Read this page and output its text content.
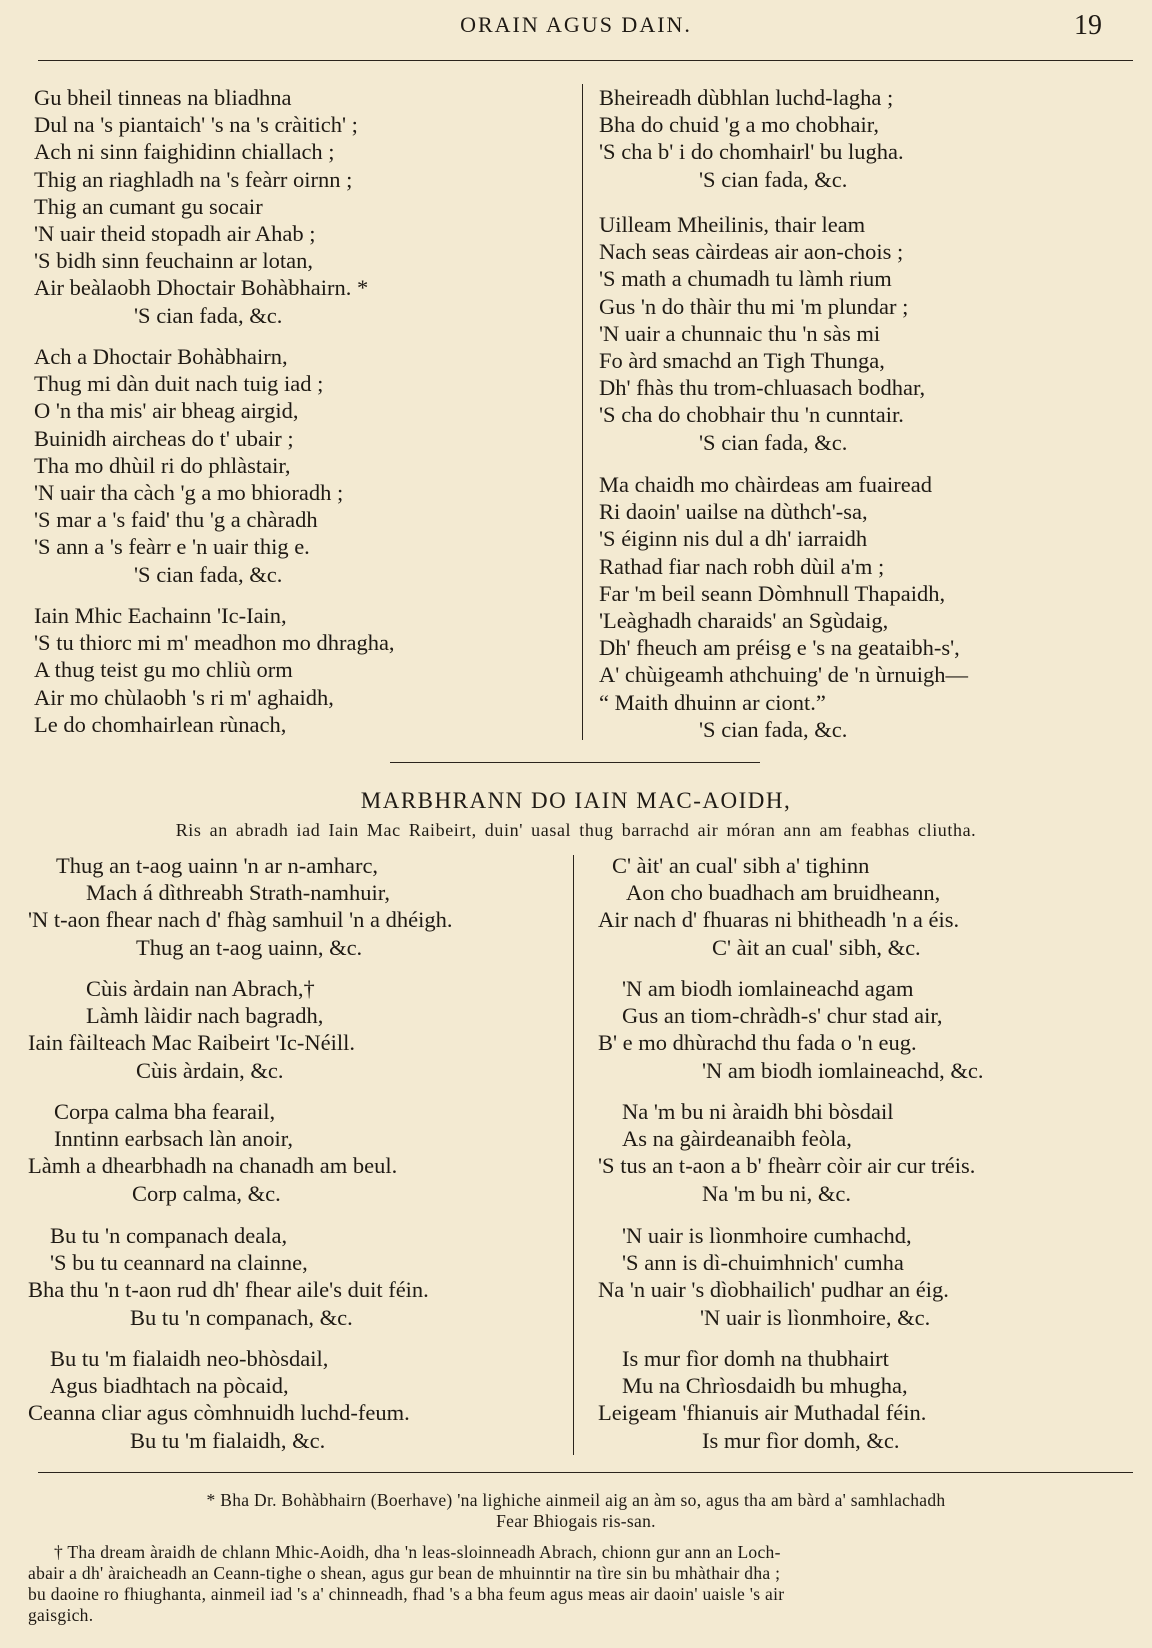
ORAIN AGUS DAIN.	19
Gu bheil tinneas na bliadhna
Dul na 's piantaich' 's na 's cràitich' ;
Ach ni sinn faighidinn chiallach ;
Thig an riaghladh na 's feàrr oirnn ;
Thig an cumant gu socair
'N uair theid stopadh air Ahab ;
'S bidh sinn feuchainn ar lotan,
Air beàlaobh Dhoctair Bohàbhairn. *
'S cian fada, &c.
Ach a Dhoctair Bohàbhairn,
Thug mi dàn duit nach tuig iad ;
O 'n tha mis' air bheag airgid,
Buinidh aircheas do t' ubair ;
Tha mo dhùil ri do phlàstair,
'N uair tha càch 'g a mo bhioradh ;
'S mar a 's faid' thu 'g a chàradh
'S ann a 's feàrr e 'n uair thig e.
'S cian fada, &c.
Iain Mhic Eachainn 'Ic-Iain,
'S tu thiorc mi m' meadhon mo dhragha,
A thug teist gu mo chliù orm
Air mo chùlaobh 's ri m' aghaidh,
Le do chomhairlean rùnach,
Bheireadh dùbhlan luchd-lagha ;
Bha do chuid 'g a mo chobhair,
'S cha b' i do chomhairl' bu lugha.
'S cian fada, &c.
Uilleam Mheilinis, thair leam
Nach seas càirdeas air aon-chois ;
'S math a chumadh tu làmh rium
Gus 'n do thàir thu mi 'm plundar ;
'N uair a chunnaic thu 'n sàs mi
Fo àrd smachd an Tigh Thunga,
Dh' fhàs thu trom-chluasach bodhar,
'S cha do chobhair thu 'n cunntair.
'S cian fada, &c.
Ma chaidh mo chàirdeas am fuairead
Ri daoin' uailse na dùthch'-sa,
'S éiginn nis dul a dh' iarraidh
Rathad fiar nach robh dùil a'm ;
Far 'm beil seann Dòmhnull Thapaidh,
'Leàghadh charaids' an Sgùdaig,
Dh' fheuch am préisg e 's na geataibh-s',
A' chùigeamh athchuing' de 'n ùrnuigh—
“ Maith dhuinn ar ciont.”
'S cian fada, &c.
MARBHRANN DO IAIN MAC-AOIDH,
Ris an abradh iad Iain Mac Raibeirt, duin' uasal thug barrachd air móran ann am feabhas cliutha.
Thug an t-aog uainn 'n ar n-amharc,
Mach á dìthreabh Strath-namhuir,
'N t-aon fhear nach d' fhàg samhuil 'n a dhéigh.
Thug an t-aog uainn, &c.
Cùis àrdain nan Abrach,†
Làmh làidir nach bagradh,
Iain fàilteach Mac Raibeirt 'Ic-Néill.
Cùis àrdain, &c.
Corpa calma bha fearail,
Inntinn earbsach làn anoir,
Làmh a dhearbhadh na chanadh am beul.
Corp calma, &c.
Bu tu 'n companach deala,
'S bu tu ceannard na clainne,
Bha thu 'n t-aon rud dh' fhear aile's duit féin.
Bu tu 'n companach, &c.
Bu tu 'm fialaidh neo-bhòsdail,
Agus biadhtach na pòcaid,
Ceanna cliar agus còmhnuidh luchd-feum.
Bu tu 'm fialaidh, &c.
C' àit' an cual' sibh a' tighinn
Aon cho buadhach am bruidheann,
Air nach d' fhuaras ni bhitheadh 'n a éis.
C' àit an cual' sibh, &c.
'N am biodh iomlaineachd agam
Gus an tiom-chràdh-s' chur stad air,
B' e mo dhùrachd thu fada o 'n eug.
'N am biodh iomlaineachd, &c.
Na 'm bu ni àraidh bhi bòsdail
As na gàirdeanaibh feòla,
'S tus an t-aon a b' fheàrr còir air cur tréis.
Na 'm bu ni, &c.
'N uair is lìonmhoire cumhachd,
'S ann is dì-chuimhnich' cumha
Na 'n uair 's dìobhailich' pudhar an éig.
'N uair is lìonmhoire, &c.
Is mur fìor domh na thubhairt
Mu na Chrìosdaidh bu mhugha,
Leigeam 'fhianuis air Muthadal féin.
Is mur fìor domh, &c.
* Bha Dr. Bohàbhairn (Boerhave) 'na lighiche ainmeil aig an àm so, agus tha am bàrd a' samhlachadh
Fear Bhiogais ris-san.
† Tha dream àraidh de chlann Mhic-Aoidh, dha 'n leas-sloinneadh Abrach, chionn gur ann an Loch-
abair a dh' àraicheadh an Ceann-tighe o shean, agus gur bean de mhuinntir na tìre sin bu mhàthair dha ;
bu daoine ro fhiughanta, ainmeil iad 's a' chinneadh, fhad 's a bha feum agus meas air daoin' uaisle 's air
gaisgich.
